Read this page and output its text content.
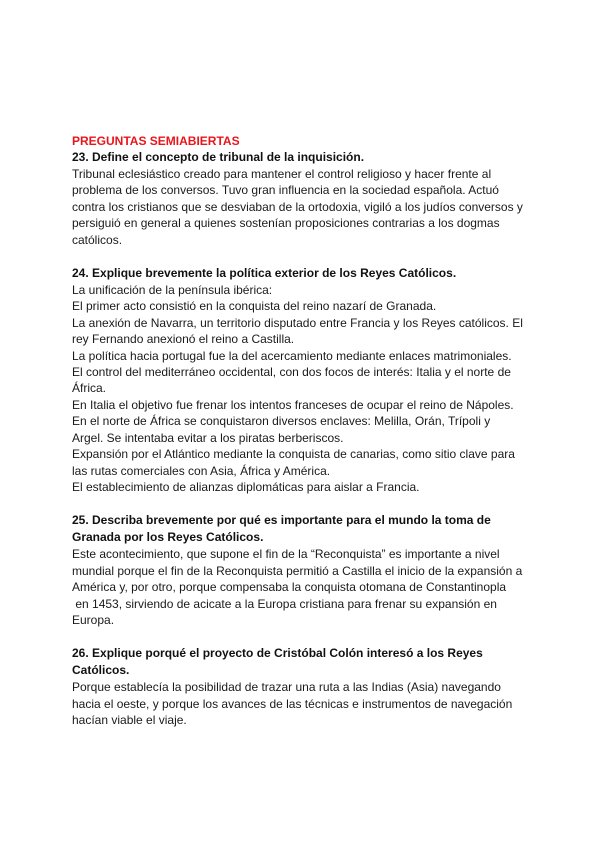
PREGUNTAS SEMIABIERTAS

23. Define el concepto de tribunal de la inquisición.

Tribunal eclesiástico creado para mantener el control religioso y hacer frente al

problema de los conversos. Tuvo gran influencia en la sociedad española. Actuó

contra los cristianos que se desviaban de la ortodoxia, vigiló a los judíos conversos y

persiguió en general a quienes sostenían proposiciones contrarias a los dogmas

católicos.

24. Explique brevemente la política exterior de los Reyes Católicos.

La unificación de la península ibérica:

El primer acto consistió en la conquista del reino nazarí de Granada.

La anexión de Navarra, un territorio disputado entre Francia y los Reyes católicos. El

rey Fernando anexionó el reino a Castilla.

La política hacia portugal fue la del acercamiento mediante enlaces matrimoniales.

El control del mediterráneo occidental, con dos focos de interés: Italia y el norte de

África.

En Italia el objetivo fue frenar los intentos franceses de ocupar el reino de Nápoles.

En el norte de África se conquistaron diversos enclaves: Melilla, Orán, Trípoli y

Argel. Se intentaba evitar a los piratas berberiscos.

Expansión por el Atlántico mediante la conquista de canarias, como sitio clave para

las rutas comerciales con Asia, África y América.

El establecimiento de alianzas diplomáticas para aislar a Francia.

25. Describa brevemente por qué es importante para el mundo la toma de

Granada por los Reyes Católicos.

Este acontecimiento, que supone el fin de la “Reconquista” es importante a nivel

mundial porque el fin de la Reconquista permitió a Castilla el inicio de la expansión a

América y, por otro, porque compensaba la conquista otomana de Constantinopla

en 1453, sirviendo de acicate a la Europa cristiana para frenar su expansión en

Europa.

26. Explique porqué el proyecto de Cristóbal Colón interesó a los Reyes

Católicos.

Porque establecía la posibilidad de trazar una ruta a las Indias (Asia) navegando

hacia el oeste, y porque los avances de las técnicas e instrumentos de navegación

hacían viable el viaje.
